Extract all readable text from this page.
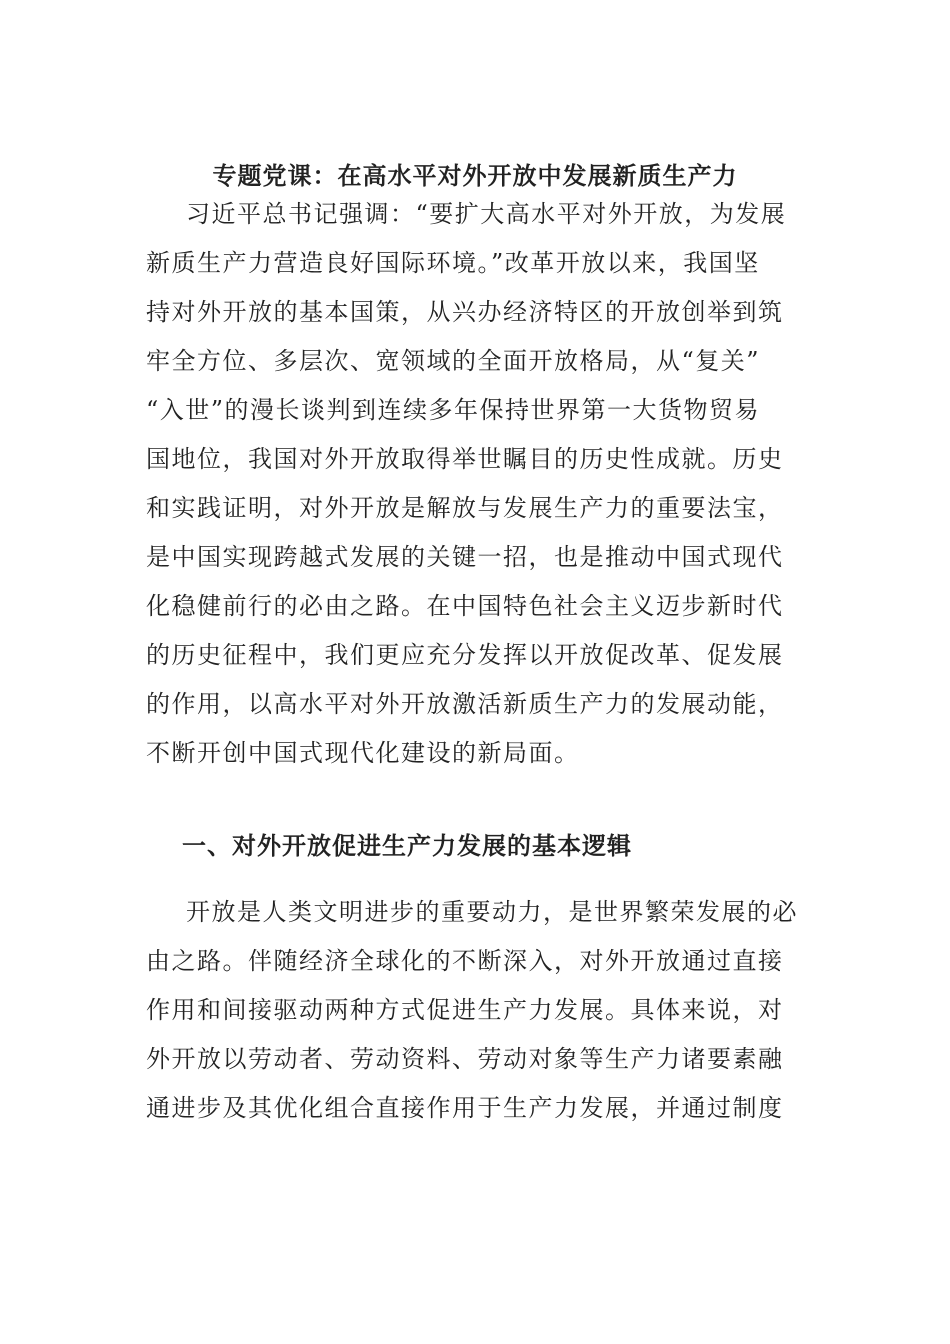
专题党课：在高水平对外开放中发展新质生产力
习近平总书记强调：“要扩大高水平对外开放，为发展
新质生产力营造良好国际环境。”改革开放以来，我国坚
持对外开放的基本国策，从兴办经济特区的开放创举到筑
牢全方位、多层次、宽领域的全面开放格局，从“复关”
“入世”的漫长谈判到连续多年保持世界第一大货物贸易
国地位，我国对外开放取得举世瞩目的历史性成就。历史
和实践证明，对外开放是解放与发展生产力的重要法宝，
是中国实现跨越式发展的关键一招，也是推动中国式现代
化稳健前行的必由之路。在中国特色社会主义迈步新时代
的历史征程中，我们更应充分发挥以开放促改革、促发展
的作用，以高水平对外开放激活新质生产力的发展动能，
不断开创中国式现代化建设的新局面。
一、对外开放促进生产力发展的基本逻辑
开放是人类文明进步的重要动力，是世界繁荣发展的必
由之路。伴随经济全球化的不断深入，对外开放通过直接
作用和间接驱动两种方式促进生产力发展。具体来说，对
外开放以劳动者、劳动资料、劳动对象等生产力诸要素融
通进步及其优化组合直接作用于生产力发展，并通过制度
